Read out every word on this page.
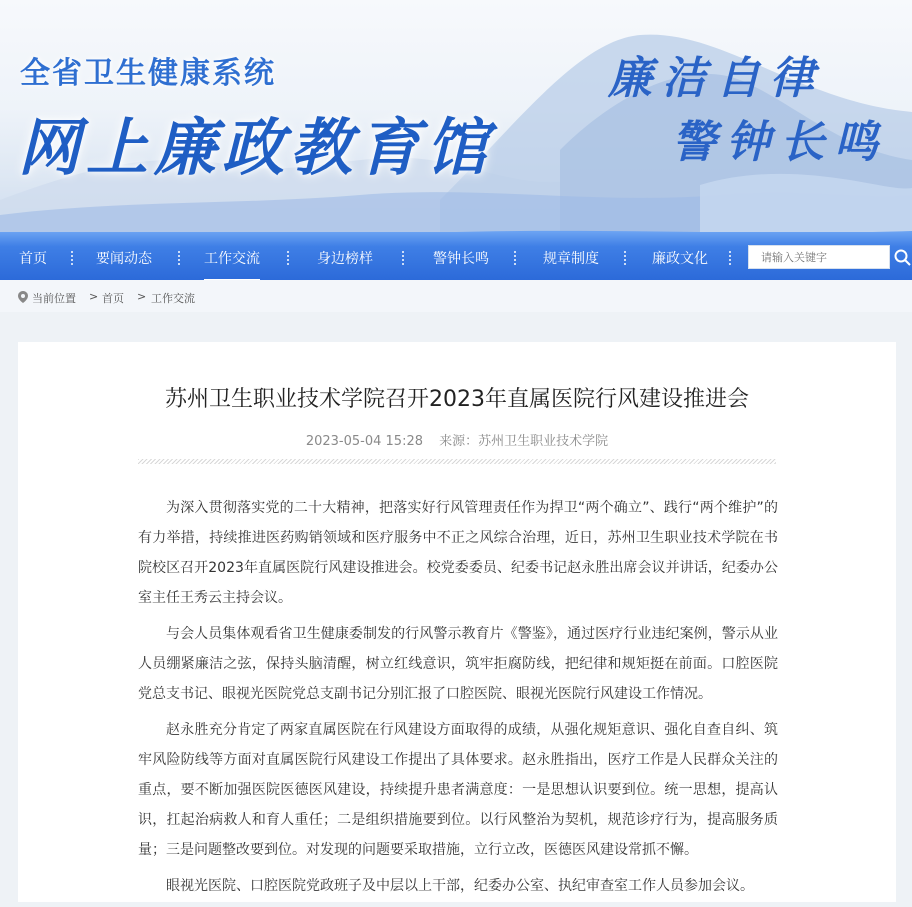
全省卫生健康系统
网上廉政教育馆
廉洁自律
警钟长鸣
首页	要闻动态	工作交流	身边榜样	警钟长鸣	规章制度	廉政文化
请输入关键字
当前位置 > 首页 > 工作交流
苏州卫生职业技术学院召开2023年直属医院行风建设推进会
2023-05-04 15:28 来源：苏州卫生职业技术学院

为深入贯彻落实党的二十大精神，把落实好行风管理责任作为捍卫“两个确立”、践行“两个维护”的有力举措，持续推进医药购销领域和医疗服务中不正之风综合治理，近日，苏州卫生职业技术学院在书院校区召开2023年直属医院行风建设推进会。校党委委员、纪委书记赵永胜出席会议并讲话，纪委办公室主任王秀云主持会议。

与会人员集体观看省卫生健康委制发的行风警示教育片《警鉴》，通过医疗行业违纪案例，警示从业人员绷紧廉洁之弦，保持头脑清醒，树立红线意识，筑牢拒腐防线，把纪律和规矩挺在前面。口腔医院党总支书记、眼视光医院党总支副书记分别汇报了口腔医院、眼视光医院行风建设工作情况。

赵永胜充分肯定了两家直属医院在行风建设方面取得的成绩，从强化规矩意识、强化自查自纠、筑牢风险防线等方面对直属医院行风建设工作提出了具体要求。赵永胜指出，医疗工作是人民群众关注的重点，要不断加强医院医德医风建设，持续提升患者满意度：一是思想认识要到位。统一思想，提高认识，扛起治病救人和育人重任；二是组织措施要到位。以行风整治为契机，规范诊疗行为，提高服务质量；三是问题整改要到位。对发现的问题要采取措施，立行立改，医德医风建设常抓不懈。

眼视光医院、口腔医院党政班子及中层以上干部，纪委办公室、执纪审查室工作人员参加会议。
